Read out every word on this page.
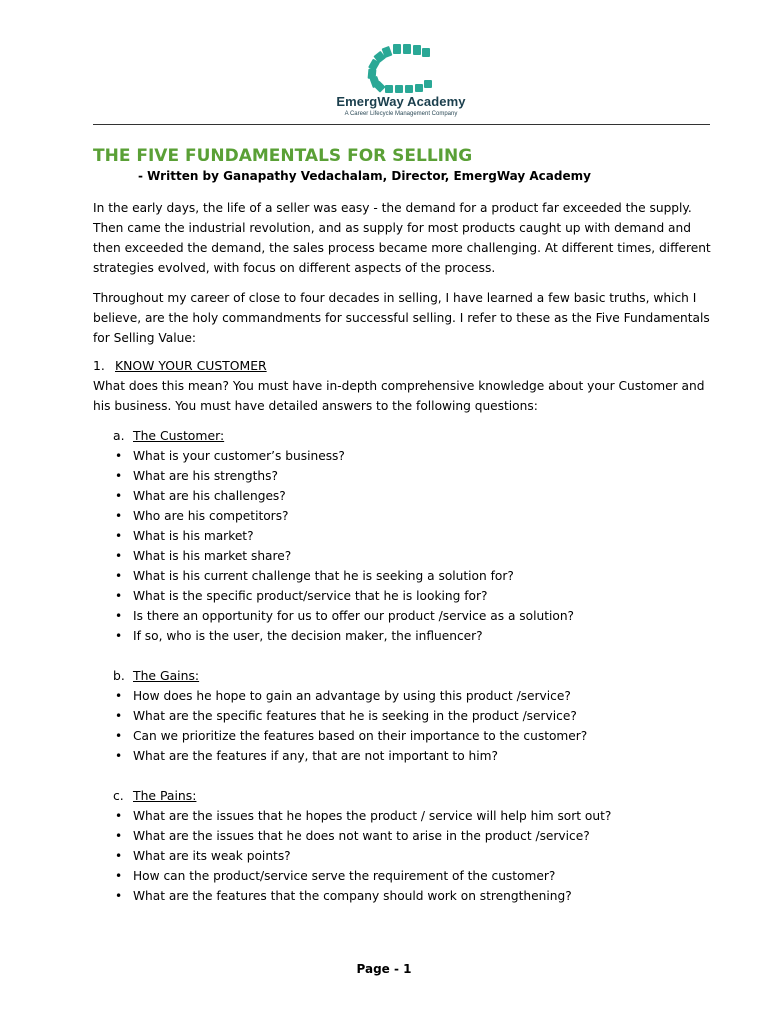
EmergWay Academy
A Career Lifecycle Management Company
THE FIVE FUNDAMENTALS FOR SELLING
- Written by Ganapathy Vedachalam, Director, EmergWay Academy

In the early days, the life of a seller was easy - the demand for a product far exceeded the supply. Then came the industrial revolution, and as supply for most products caught up with demand and then exceeded the demand, the sales process became more challenging. At different times, different strategies evolved, with focus on different aspects of the process.

Throughout my career of close to four decades in selling, I have learned a few basic truths, which I believe, are the holy commandments for successful selling. I refer to these as the Five Fundamentals for Selling Value:

1. KNOW YOUR CUSTOMER

What does this mean? You must have in-depth comprehensive knowledge about your Customer and his business. You must have detailed answers to the following questions:

a. The Customer:
• What is your customer’s business?
• What are his strengths?
• What are his challenges?
• Who are his competitors?
• What is his market?
• What is his market share?
• What is his current challenge that he is seeking a solution for?
• What is the specific product/service that he is looking for?
• Is there an opportunity for us to offer our product /service as a solution?
• If so, who is the user, the decision maker, the influencer?
b. The Gains:
• How does he hope to gain an advantage by using this product /service?
• What are the specific features that he is seeking in the product /service?
• Can we prioritize the features based on their importance to the customer?
• What are the features if any, that are not important to him?
c. The Pains:
• What are the issues that he hopes the product / service will help him sort out?
• What are the issues that he does not want to arise in the product /service?
• What are its weak points?
• How can the product/service serve the requirement of the customer?
• What are the features that the company should work on strengthening?
Page - 1
